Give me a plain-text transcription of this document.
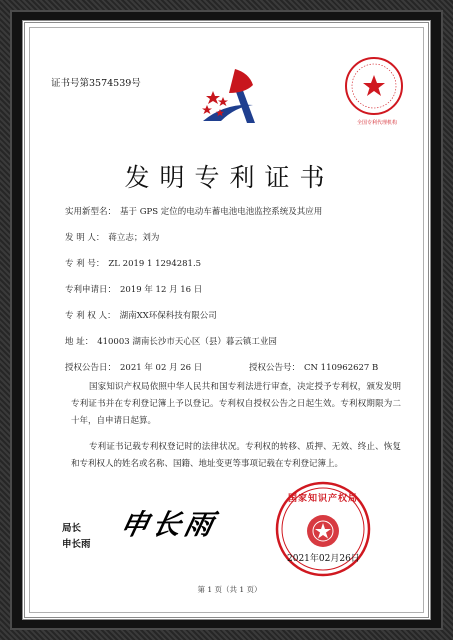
证书号第3574539号
全国专利代理机构
发明专利证书
实用新型名： 基于 GPS 定位的电动车蓄电池电池监控系统及其应用
发 明 人： 蒋立志；刘为
专 利 号： ZL 2019 1 1294281.5
专利申请日： 2019 年 12 月 16 日
专 利 权 人： 湖南XX环保科技有限公司
地 址： 410003 湖南长沙市天心区（县）暮云镇工业园
授权公告日： 2021 年 02 月 26 日	授权公告号： CN 110962627 B

国家知识产权局依照中华人民共和国专利法进行审查，决定授予专利权，颁发发明专利证书并在专利登记簿上予以登记。专利权自授权公告之日起生效。专利权期限为二十年，自申请日起算。

专利证书记载专利权登记时的法律状况。专利权的转移、质押、无效、终止、恢复和专利权人的姓名或名称、国籍、地址变更等事项记载在专利登记簿上。

局长
申长雨
申长雨
国家知识产权局
2021年02月26日
第 1 页（共 1 页）
